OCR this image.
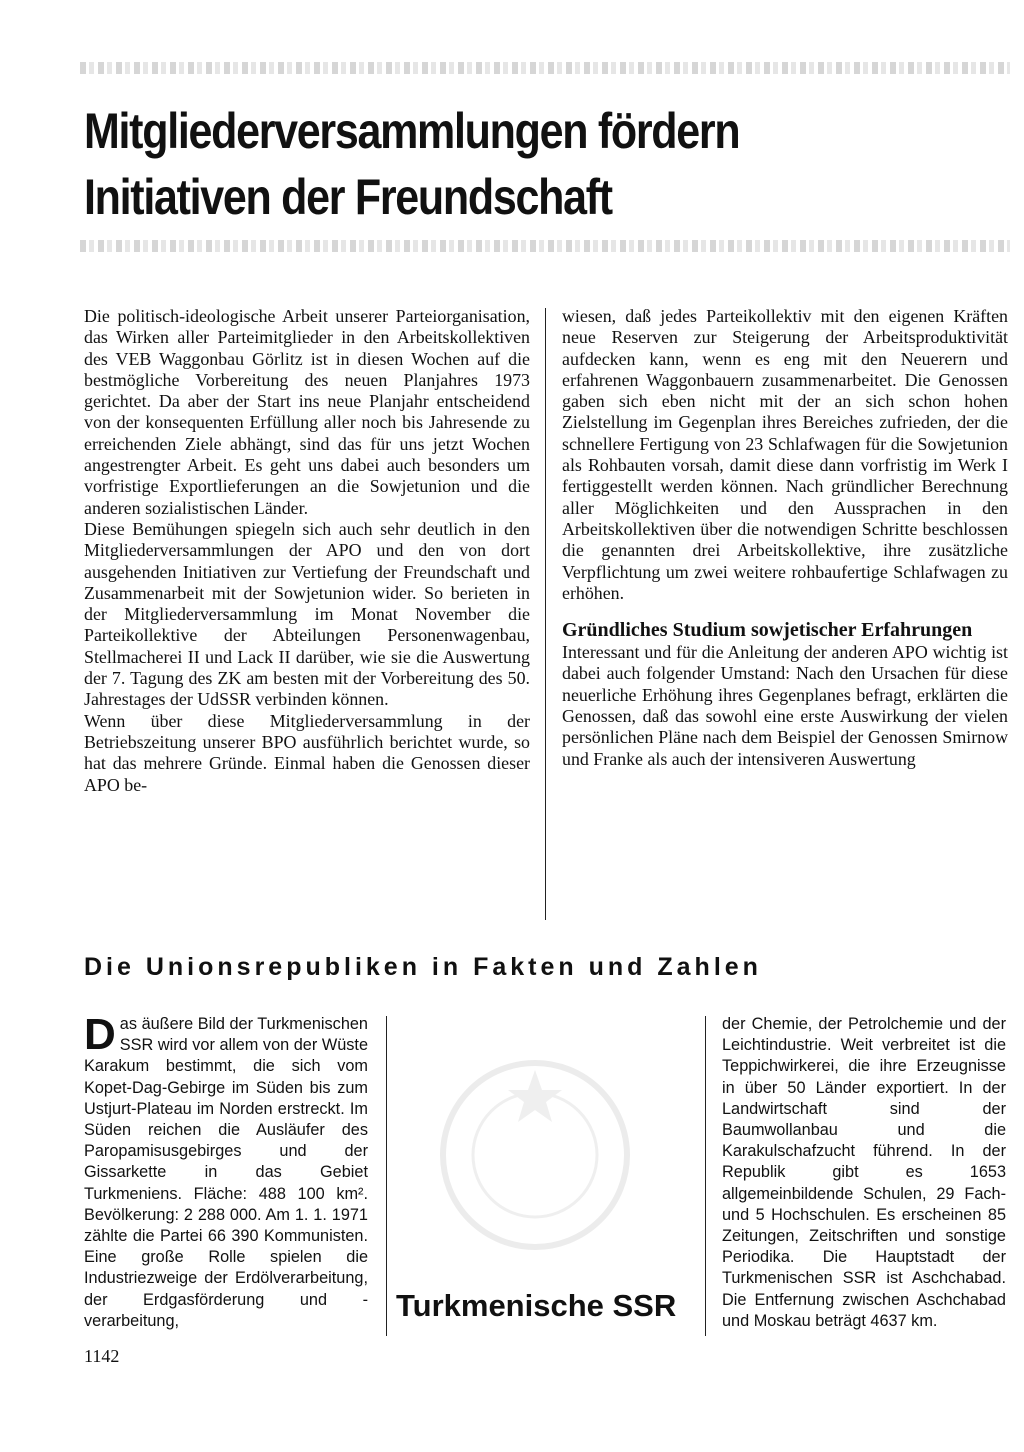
Mitgliederversammlungen fördern
Initiativen der Freundschaft

Die politisch-ideologische Arbeit unserer Parteiorganisation, das Wirken aller Parteimitglieder in den Arbeitskollektiven des VEB Waggonbau Görlitz ist in diesen Wochen auf die bestmögliche Vorbereitung des neuen Planjahres 1973 gerichtet. Da aber der Start ins neue Planjahr entscheidend von der konsequenten Erfüllung aller noch bis Jahresende zu erreichenden Ziele abhängt, sind das für uns jetzt Wochen angestrengter Arbeit. Es geht uns dabei auch besonders um vorfristige Exportlieferungen an die Sowjetunion und die anderen sozialistischen Länder.

Diese Bemühungen spiegeln sich auch sehr deutlich in den Mitgliederversammlungen der APO und den von dort ausgehenden Initiativen zur Vertiefung der Freundschaft und Zusammenarbeit mit der Sowjetunion wider. So berieten in der Mitgliederversammlung im Monat November die Parteikollektive der Abteilungen Personenwagenbau, Stellmacherei II und Lack II darüber, wie sie die Auswertung der 7. Tagung des ZK am besten mit der Vorbereitung des 50. Jahrestages der UdSSR verbinden können.

Wenn über diese Mitgliederversammlung in der Betriebszeitung unserer BPO ausführlich berichtet wurde, so hat das mehrere Gründe. Einmal haben die Genossen dieser APO be-

wiesen, daß jedes Parteikollektiv mit den eigenen Kräften neue Reserven zur Steigerung der Arbeitsproduktivität aufdecken kann, wenn es eng mit den Neuerern und erfahrenen Waggonbauern zusammenarbeitet. Die Genossen gaben sich eben nicht mit der an sich schon hohen Zielstellung im Gegenplan ihres Bereiches zufrieden, der die schnellere Fertigung von 23 Schlafwagen für die Sowjetunion als Rohbauten vorsah, damit diese dann vorfristig im Werk I fertiggestellt werden können. Nach gründlicher Berechnung aller Möglichkeiten und den Aussprachen in den Arbeitskollektiven über die notwendigen Schritte beschlossen die genannten drei Arbeitskollektive, ihre zusätzliche Verpflichtung um zwei weitere rohbaufertige Schlafwagen zu erhöhen.

Gründliches Studium sowjetischer Erfahrungen

Interessant und für die Anleitung der anderen APO wichtig ist dabei auch folgender Umstand: Nach den Ursachen für diese neuerliche Erhöhung ihres Gegenplanes befragt, erklärten die Genossen, daß das sowohl eine erste Auswirkung der vielen persönlichen Pläne nach dem Beispiel der Genossen Smirnow und Franke als auch der intensiveren Auswertung

Die Unionsrepubliken in Fakten und Zahlen

Das äußere Bild der Turkmenischen SSR wird vor allem von der Wüste Karakum bestimmt, die sich vom Kopet-Dag-Gebirge im Süden bis zum Ustjurt-Plateau im Norden erstreckt. Im Süden reichen die Ausläufer des Paropamisusgebirges und der Gissarkette in das Gebiet Turkmeniens. Fläche: 488 100 km². Bevölkerung: 2 288 000. Am 1. 1. 1971 zählte die Partei 66 390 Kommunisten. Eine große Rolle spielen die Industriezweige der Erdölverarbeitung, der Erdgasförderung und -verarbeitung,	Turkmenische SSR

der Chemie, der Petrolchemie und der Leichtindustrie. Weit verbreitet ist die Teppichwirkerei, die ihre Erzeugnisse in über 50 Länder exportiert. In der Landwirtschaft sind der Baumwollanbau und die Karakulschafzucht führend. In der Republik gibt es 1653 allgemeinbildende Schulen, 29 Fach- und 5 Hochschulen. Es erscheinen 85 Zeitungen, Zeitschriften und sonstige Periodika. Die Hauptstadt der Turkmenischen SSR ist Aschchabad. Die Entfernung zwischen Aschchabad und Moskau beträgt 4637 km.

1142
